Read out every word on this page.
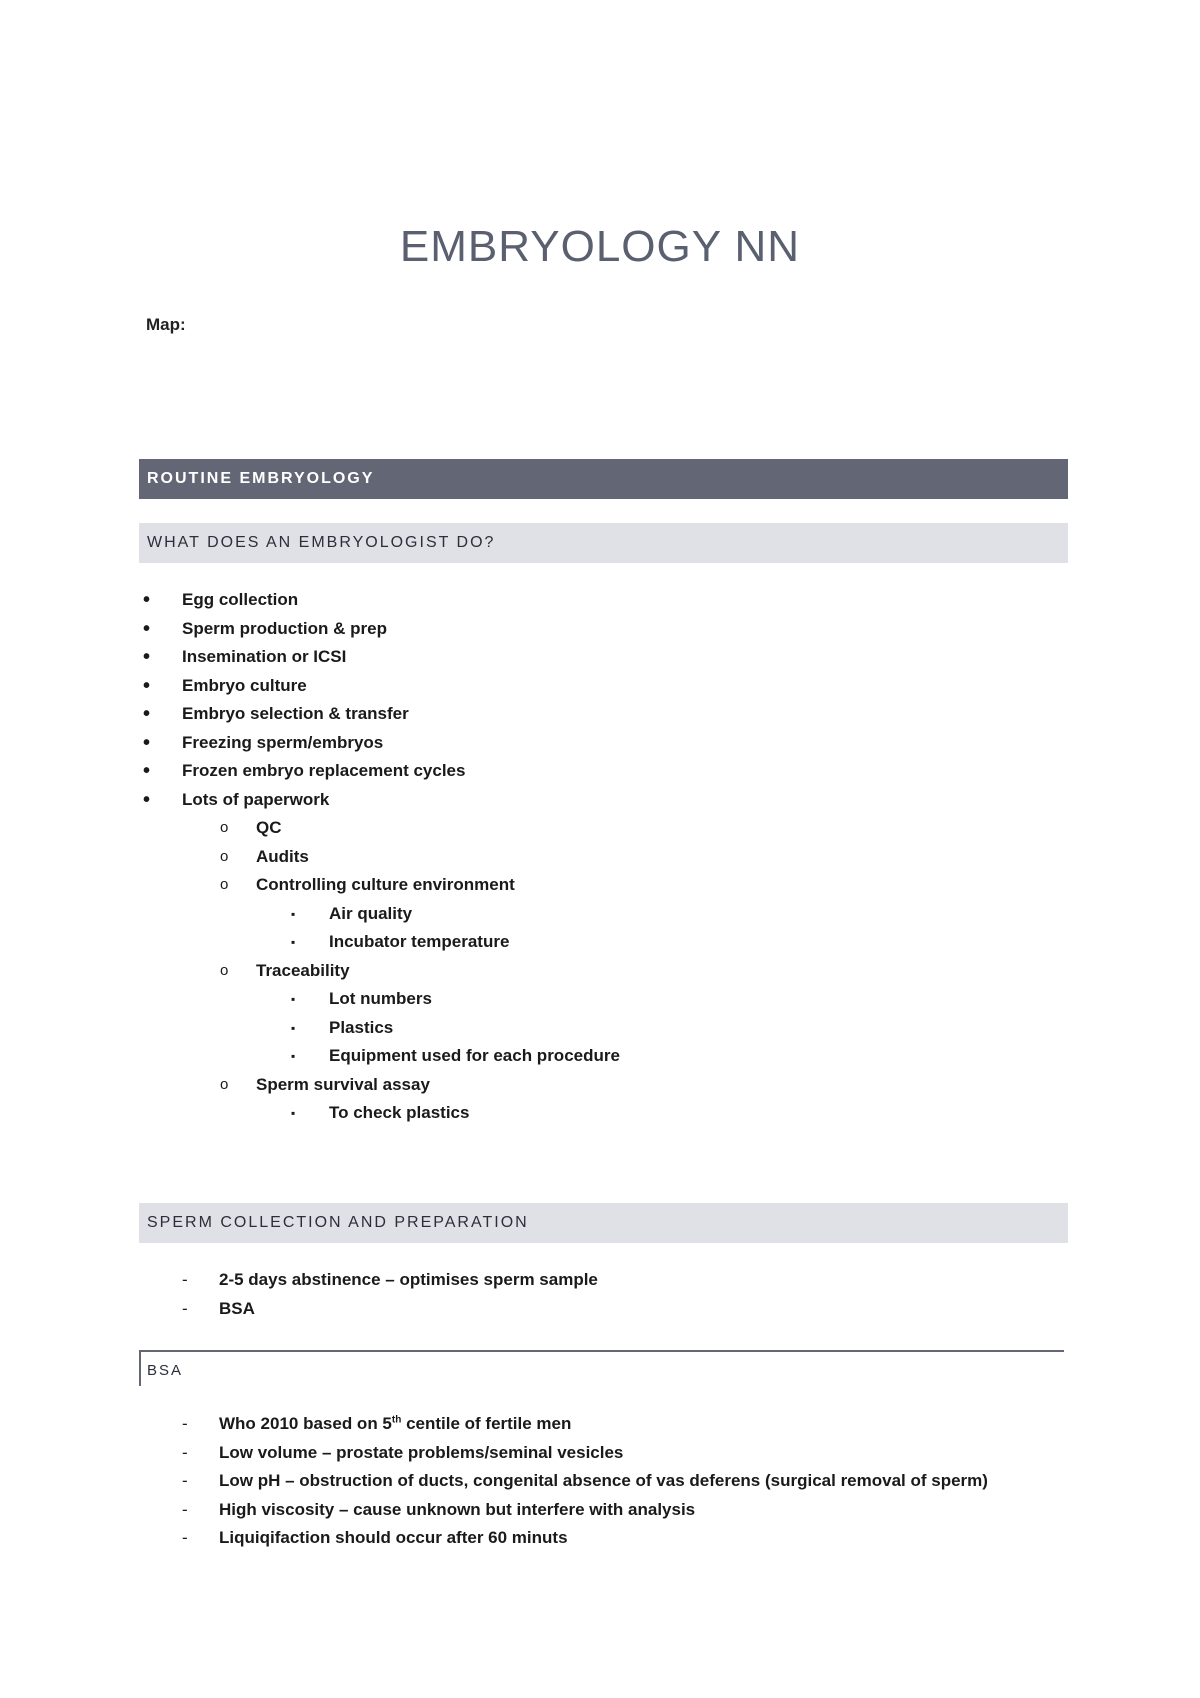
EMBRYOLOGY NN
Map:
ROUTINE EMBRYOLOGY
WHAT DOES AN EMBRYOLOGIST DO?
• Egg collection
• Sperm production & prep
• Insemination or ICSI
• Embryo culture
• Embryo selection & transfer
• Freezing sperm/embryos
• Frozen embryo replacement cycles
• Lots of paperwork
o QC
o Audits
o Controlling culture environment
▪ Air quality
▪ Incubator temperature
o Traceability
▪ Lot numbers
▪ Plastics
▪ Equipment used for each procedure
o Sperm survival assay
▪ To check plastics
SPERM COLLECTION AND PREPARATION
- 2-5 days abstinence – optimises sperm sample
- BSA
BSA
- Who 2010 based on 5th centile of fertile men
- Low volume – prostate problems/seminal vesicles
- Low pH – obstruction of ducts, congenital absence of vas deferens (surgical removal of sperm)
- High viscosity – cause unknown but interfere with analysis
- Liquiqifaction should occur after 60 minuts
